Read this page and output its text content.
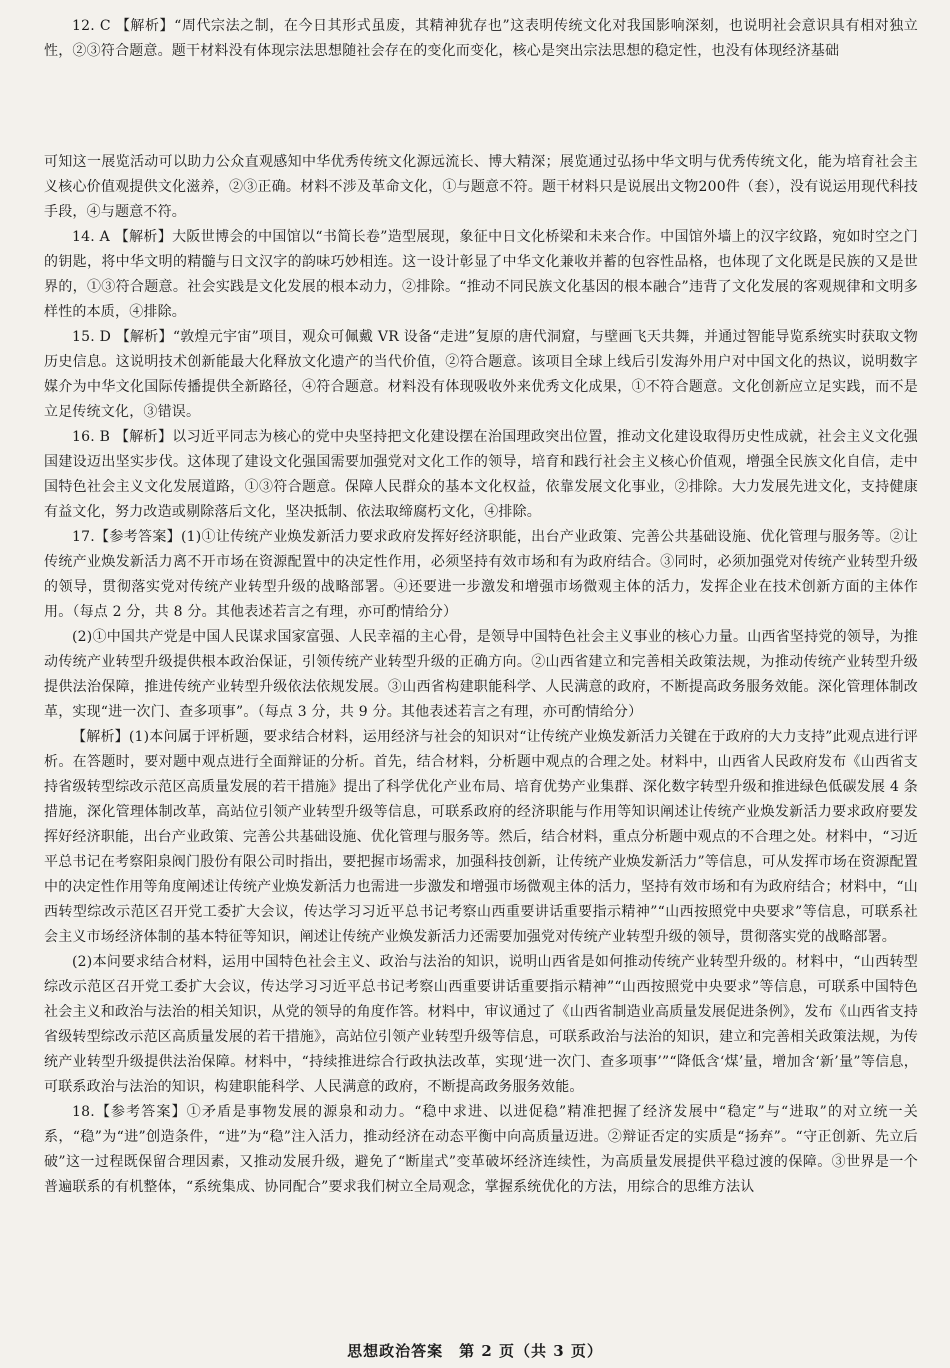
12. C 【解析】“周代宗法之制，在今日其形式虽废，其精神犹存也”这表明传统文化对我国影响深刻，也说明社会意识具有相对独立性，②③符合题意。题干材料没有体现宗法思想随社会存在的变化而变化，核心是突出宗法思想的稳定性，也没有体现经济基础

可知这一展览活动可以助力公众直观感知中华优秀传统文化源远流长、博大精深；展览通过弘扬中华文明与优秀传统文化，能为培育社会主义核心价值观提供文化滋养，②③正确。材料不涉及革命文化，①与题意不符。题干材料只是说展出文物200件（套），没有说运用现代科技手段，④与题意不符。

14. A 【解析】大阪世博会的中国馆以“书简长卷”造型展现，象征中日文化桥梁和未来合作。中国馆外墙上的汉字纹路，宛如时空之门的钥匙，将中华文明的精髓与日文汉字的韵味巧妙相连。这一设计彰显了中华文化兼收并蓄的包容性品格，也体现了文化既是民族的又是世界的，①③符合题意。社会实践是文化发展的根本动力，②排除。“推动不同民族文化基因的根本融合”违背了文化发展的客观规律和文明多样性的本质，④排除。

15. D 【解析】“敦煌元宇宙”项目，观众可佩戴 VR 设备“走进”复原的唐代洞窟，与壁画飞天共舞，并通过智能导览系统实时获取文物历史信息。这说明技术创新能最大化释放文化遗产的当代价值，②符合题意。该项目全球上线后引发海外用户对中国文化的热议，说明数字媒介为中华文化国际传播提供全新路径，④符合题意。材料没有体现吸收外来优秀文化成果，①不符合题意。文化创新应立足实践，而不是立足传统文化，③错误。

16. B 【解析】以习近平同志为核心的党中央坚持把文化建设摆在治国理政突出位置，推动文化建设取得历史性成就，社会主义文化强国建设迈出坚实步伐。这体现了建设文化强国需要加强党对文化工作的领导，培育和践行社会主义核心价值观，增强全民族文化自信，走中国特色社会主义文化发展道路，①③符合题意。保障人民群众的基本文化权益，依靠发展文化事业，②排除。大力发展先进文化，支持健康有益文化，努力改造或剔除落后文化，坚决抵制、依法取缔腐朽文化，④排除。

17.【参考答案】(1)①让传统产业焕发新活力要求政府发挥好经济职能，出台产业政策、完善公共基础设施、优化管理与服务等。②让传统产业焕发新活力离不开市场在资源配置中的决定性作用，必须坚持有效市场和有为政府结合。③同时，必须加强党对传统产业转型升级的领导，贯彻落实党对传统产业转型升级的战略部署。④还要进一步激发和增强市场微观主体的活力，发挥企业在技术创新方面的主体作用。（每点 2 分，共 8 分。其他表述若言之有理，亦可酌情给分）

(2)①中国共产党是中国人民谋求国家富强、人民幸福的主心骨，是领导中国特色社会主义事业的核心力量。山西省坚持党的领导，为推动传统产业转型升级提供根本政治保证，引领传统产业转型升级的正确方向。②山西省建立和完善相关政策法规，为推动传统产业转型升级提供法治保障，推进传统产业转型升级依法依规发展。③山西省构建职能科学、人民满意的政府，不断提高政务服务效能。深化管理体制改革，实现“进一次门、查多项事”。（每点 3 分，共 9 分。其他表述若言之有理，亦可酌情给分）

【解析】(1)本问属于评析题，要求结合材料，运用经济与社会的知识对“让传统产业焕发新活力关键在于政府的大力支持”此观点进行评析。在答题时，要对题中观点进行全面辩证的分析。首先，结合材料，分析题中观点的合理之处。材料中，山西省人民政府发布《山西省支持省级转型综改示范区高质量发展的若干措施》提出了科学优化产业布局、培育优势产业集群、深化数字转型升级和推进绿色低碳发展 4 条措施，深化管理体制改革，高站位引领产业转型升级等信息，可联系政府的经济职能与作用等知识阐述让传统产业焕发新活力要求政府要发挥好经济职能，出台产业政策、完善公共基础设施、优化管理与服务等。然后，结合材料，重点分析题中观点的不合理之处。材料中，“习近平总书记在考察阳泉阀门股份有限公司时指出，要把握市场需求，加强科技创新，让传统产业焕发新活力”等信息，可从发挥市场在资源配置中的决定性作用等角度阐述让传统产业焕发新活力也需进一步激发和增强市场微观主体的活力，坚持有效市场和有为政府结合；材料中，“山西转型综改示范区召开党工委扩大会议，传达学习习近平总书记考察山西重要讲话重要指示精神”“山西按照党中央要求”等信息，可联系社会主义市场经济体制的基本特征等知识，阐述让传统产业焕发新活力还需要加强党对传统产业转型升级的领导，贯彻落实党的战略部署。

(2)本问要求结合材料，运用中国特色社会主义、政治与法治的知识，说明山西省是如何推动传统产业转型升级的。材料中，“山西转型综改示范区召开党工委扩大会议，传达学习习近平总书记考察山西重要讲话重要指示精神”“山西按照党中央要求”等信息，可联系中国特色社会主义和政治与法治的相关知识，从党的领导的角度作答。材料中，审议通过了《山西省制造业高质量发展促进条例》，发布《山西省支持省级转型综改示范区高质量发展的若干措施》，高站位引领产业转型升级等信息，可联系政治与法治的知识，建立和完善相关政策法规，为传统产业转型升级提供法治保障。材料中，“持续推进综合行政执法改革，实现‘进一次门、查多项事’”“降低含‘煤’量，增加含‘新’量”等信息，可联系政治与法治的知识，构建职能科学、人民满意的政府，不断提高政务服务效能。

18.【参考答案】①矛盾是事物发展的源泉和动力。“稳中求进、以进促稳”精准把握了经济发展中“稳定”与“进取”的对立统一关系，“稳”为“进”创造条件，“进”为“稳”注入活力，推动经济在动态平衡中向高质量迈进。②辩证否定的实质是“扬弃”。“守正创新、先立后破”这一过程既保留合理因素，又推动发展升级，避免了“断崖式”变革破坏经济连续性，为高质量发展提供平稳过渡的保障。③世界是一个普遍联系的有机整体，“系统集成、协同配合”要求我们树立全局观念，掌握系统优化的方法，用综合的思维方法认

思想政治答案　第 2 页（共 3 页）
